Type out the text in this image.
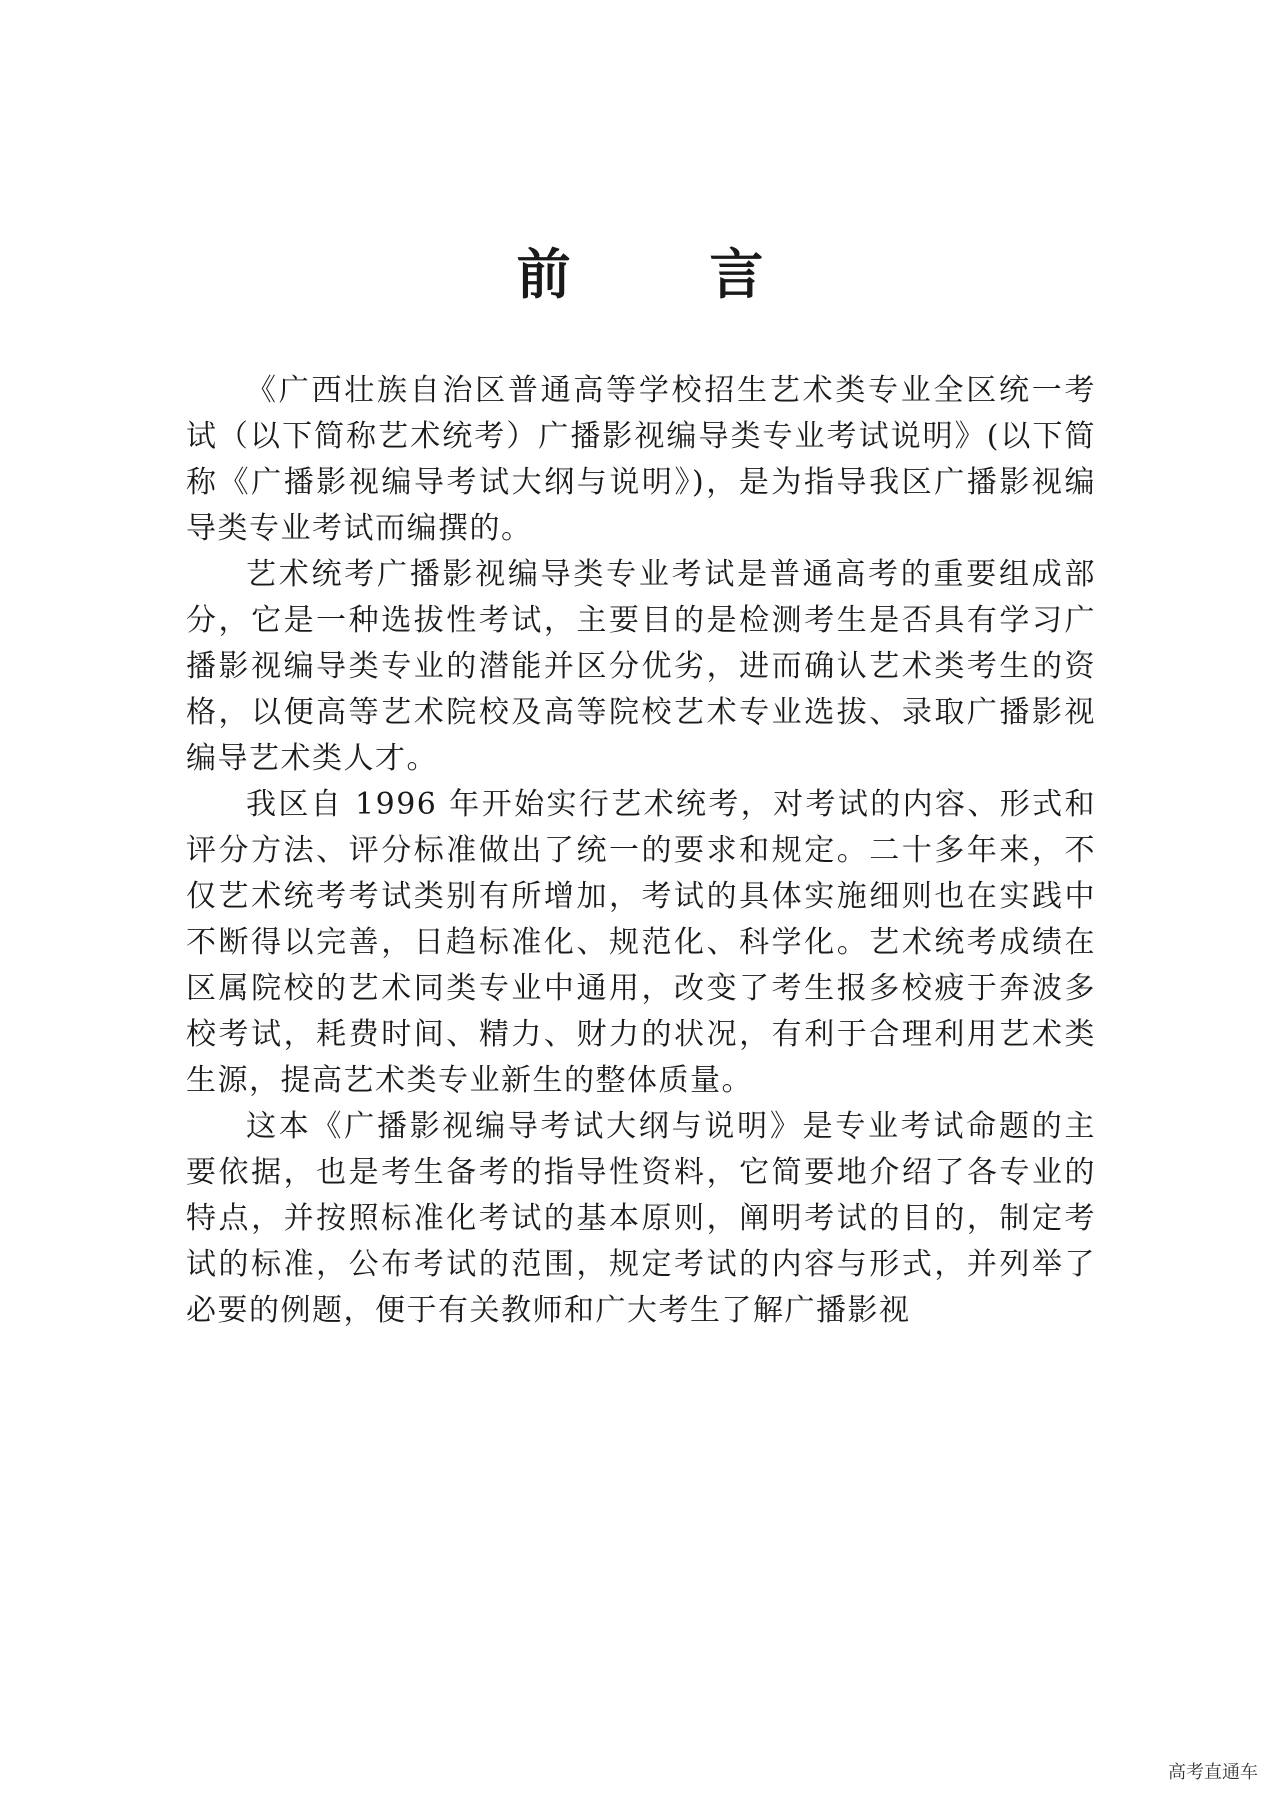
前 言

《广西壮族自治区普通高等学校招生艺术类专业全区统一考试（以下简称艺术统考）广播影视编导类专业考试说明》(以下简称《广播影视编导考试大纲与说明》)，是为指导我区广播影视编导类专业考试而编撰的。

艺术统考广播影视编导类专业考试是普通高考的重要组成部分，它是一种选拔性考试，主要目的是检测考生是否具有学习广播影视编导类专业的潜能并区分优劣，进而确认艺术类考生的资格，以便高等艺术院校及高等院校艺术专业选拔、录取广播影视编导艺术类人才。

我区自 1996 年开始实行艺术统考，对考试的内容、形式和评分方法、评分标准做出了统一的要求和规定。二十多年来，不仅艺术统考考试类别有所增加，考试的具体实施细则也在实践中不断得以完善，日趋标准化、规范化、科学化。艺术统考成绩在区属院校的艺术同类专业中通用，改变了考生报多校疲于奔波多校考试，耗费时间、精力、财力的状况，有利于合理利用艺术类生源，提高艺术类专业新生的整体质量。

这本《广播影视编导考试大纲与说明》是专业考试命题的主要依据，也是考生备考的指导性资料，它简要地介绍了各专业的特点，并按照标准化考试的基本原则，阐明考试的目的，制定考试的标准，公布考试的范围，规定考试的内容与形式，并列举了必要的例题，便于有关教师和广大考生了解广播影视

高考直通车
